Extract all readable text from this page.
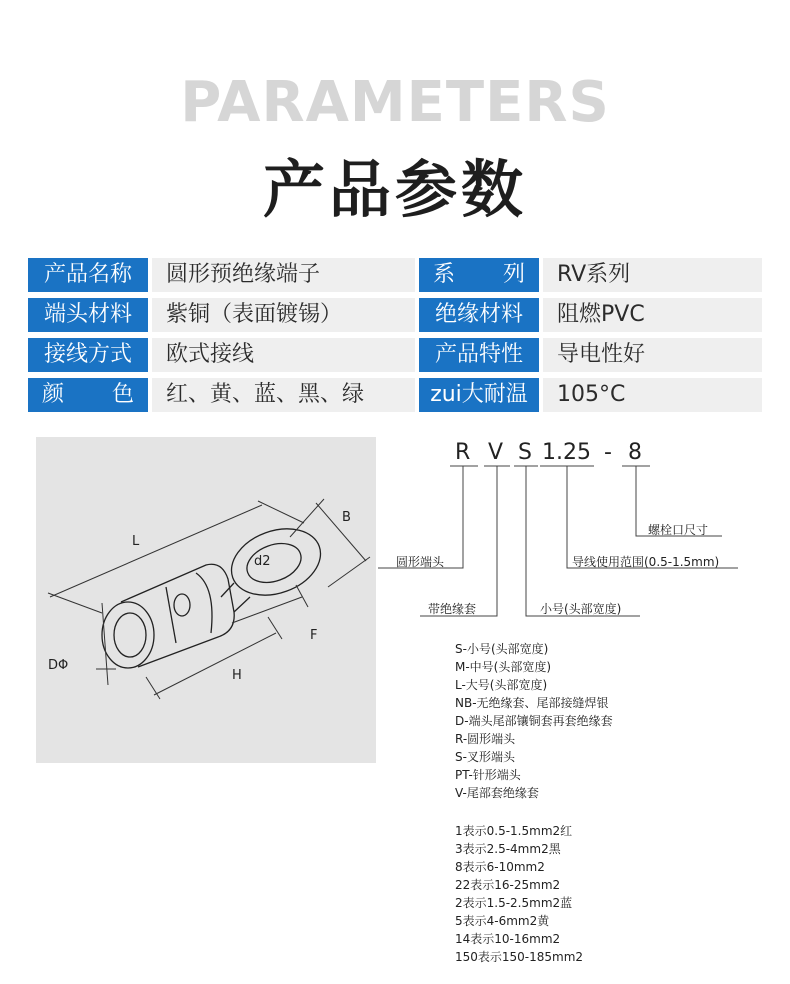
PARAMETERS
产品参数
产品名称	圆形预绝缘端子	系 列	RV系列
端头材料	紫铜（表面镀锡）	绝缘材料	阻燃PVC
接线方式	欧式接线	产品特性	导电性好
颜 色	红、黄、蓝、黑、绿	zui大耐温	105°C
L
B
d2
F
DΦ
H
R V S 1.25 - 8
圆形端头
带绝缘套	小号(头部宽度)
导线使用范围(0.5-1.5mm)
螺栓口尺寸
S-小号(头部宽度)
M-中号(头部宽度)
L-大号(头部宽度)
NB-无绝缘套、尾部接缝焊银
D-端头尾部镶铜套再套绝缘套
R-圆形端头
S-叉形端头
PT-针形端头
V-尾部套绝缘套
1表示0.5-1.5mm2红
3表示2.5-4mm2黑
8表示6-10mm2
22表示16-25mm2
2表示1.5-2.5mm2蓝
5表示4-6mm2黄
14表示10-16mm2
150表示150-185mm2
